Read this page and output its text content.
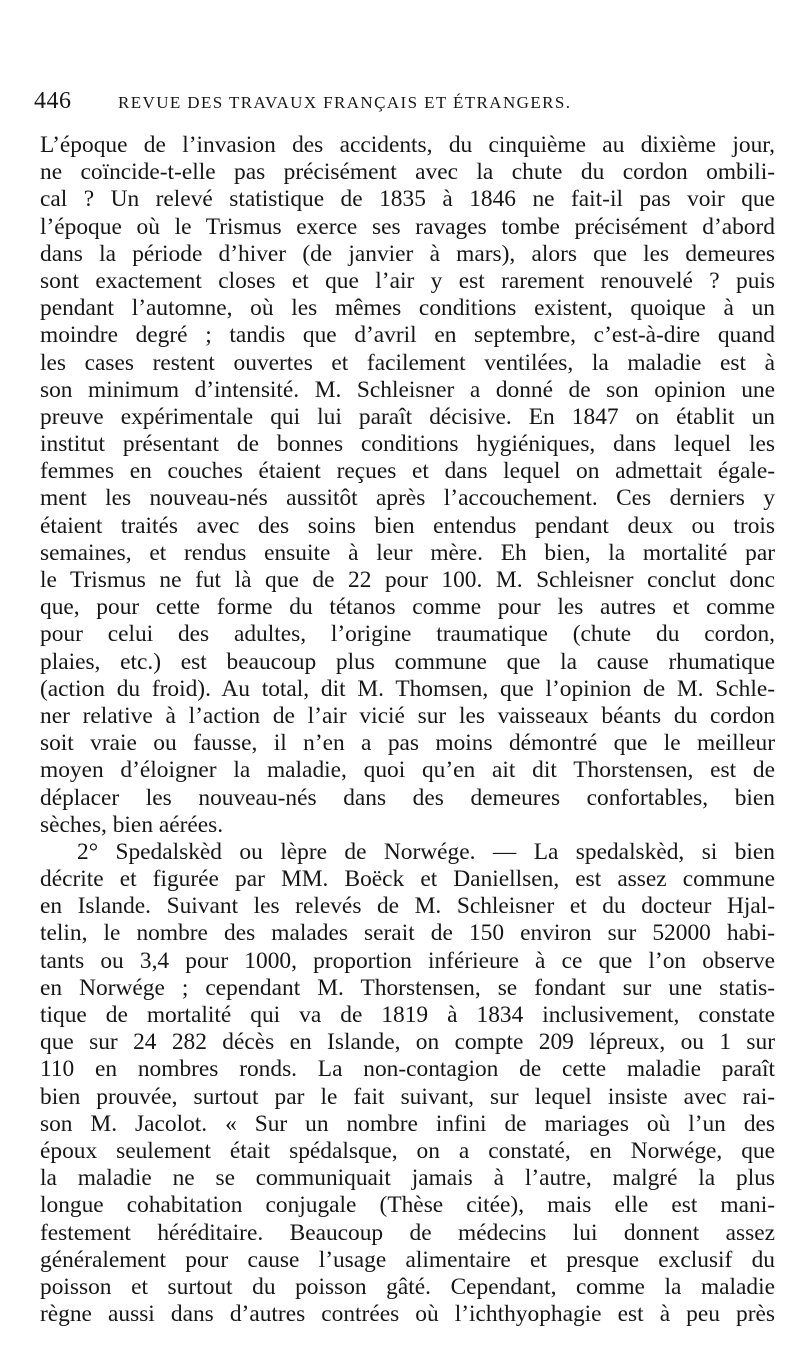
446	REVUE DES TRAVAUX FRANÇAIS ET ÉTRANGERS.
L’époque de l’invasion des accidents, du cinquième au dixième jour,
ne coïncide-t-elle pas précisément avec la chute du cordon ombili-
cal ? Un relevé statistique de 1835 à 1846 ne fait-il pas voir que
l’époque où le Trismus exerce ses ravages tombe précisément d’abord
dans la période d’hiver (de janvier à mars), alors que les demeures
sont exactement closes et que l’air y est rarement renouvelé ? puis
pendant l’automne, où les mêmes conditions existent, quoique à un
moindre degré ; tandis que d’avril en septembre, c’est-à-dire quand
les cases restent ouvertes et facilement ventilées, la maladie est à
son minimum d’intensité. M. Schleisner a donné de son opinion une
preuve expérimentale qui lui paraît décisive. En 1847 on établit un
institut présentant de bonnes conditions hygiéniques, dans lequel les
femmes en couches étaient reçues et dans lequel on admettait égale-
ment les nouveau-nés aussitôt après l’accouchement. Ces derniers y
étaient traités avec des soins bien entendus pendant deux ou trois
semaines, et rendus ensuite à leur mère. Eh bien, la mortalité par
le Trismus ne fut là que de 22 pour 100. M. Schleisner conclut donc
que, pour cette forme du tétanos comme pour les autres et comme
pour celui des adultes, l’origine traumatique (chute du cordon,
plaies, etc.) est beaucoup plus commune que la cause rhumatique
(action du froid). Au total, dit M. Thomsen, que l’opinion de M. Schle-
ner relative à l’action de l’air vicié sur les vaisseaux béants du cordon
soit vraie ou fausse, il n’en a pas moins démontré que le meilleur
moyen d’éloigner la maladie, quoi qu’en ait dit Thorstensen, est de
déplacer les nouveau-nés dans des demeures confortables, bien
sèches, bien aérées.
2° Spedalskèd ou lèpre de Norwége. — La spedalskèd, si bien
décrite et figurée par MM. Boëck et Daniellsen, est assez commune
en Islande. Suivant les relevés de M. Schleisner et du docteur Hjal-
telin, le nombre des malades serait de 150 environ sur 52000 habi-
tants ou 3,4 pour 1000, proportion inférieure à ce que l’on observe
en Norwége ; cependant M. Thorstensen, se fondant sur une statis-
tique de mortalité qui va de 1819 à 1834 inclusivement, constate
que sur 24 282 décès en Islande, on compte 209 lépreux, ou 1 sur
110 en nombres ronds. La non-contagion de cette maladie paraît
bien prouvée, surtout par le fait suivant, sur lequel insiste avec rai-
son M. Jacolot. « Sur un nombre infini de mariages où l’un des
époux seulement était spédalsque, on a constaté, en Norwége, que
la maladie ne se communiquait jamais à l’autre, malgré la plus
longue cohabitation conjugale (Thèse citée), mais elle est mani-
festement héréditaire. Beaucoup de médecins lui donnent assez
généralement pour cause l’usage alimentaire et presque exclusif du
poisson et surtout du poisson gâté. Cependant, comme la maladie
règne aussi dans d’autres contrées où l’ichthyophagie est à peu près
